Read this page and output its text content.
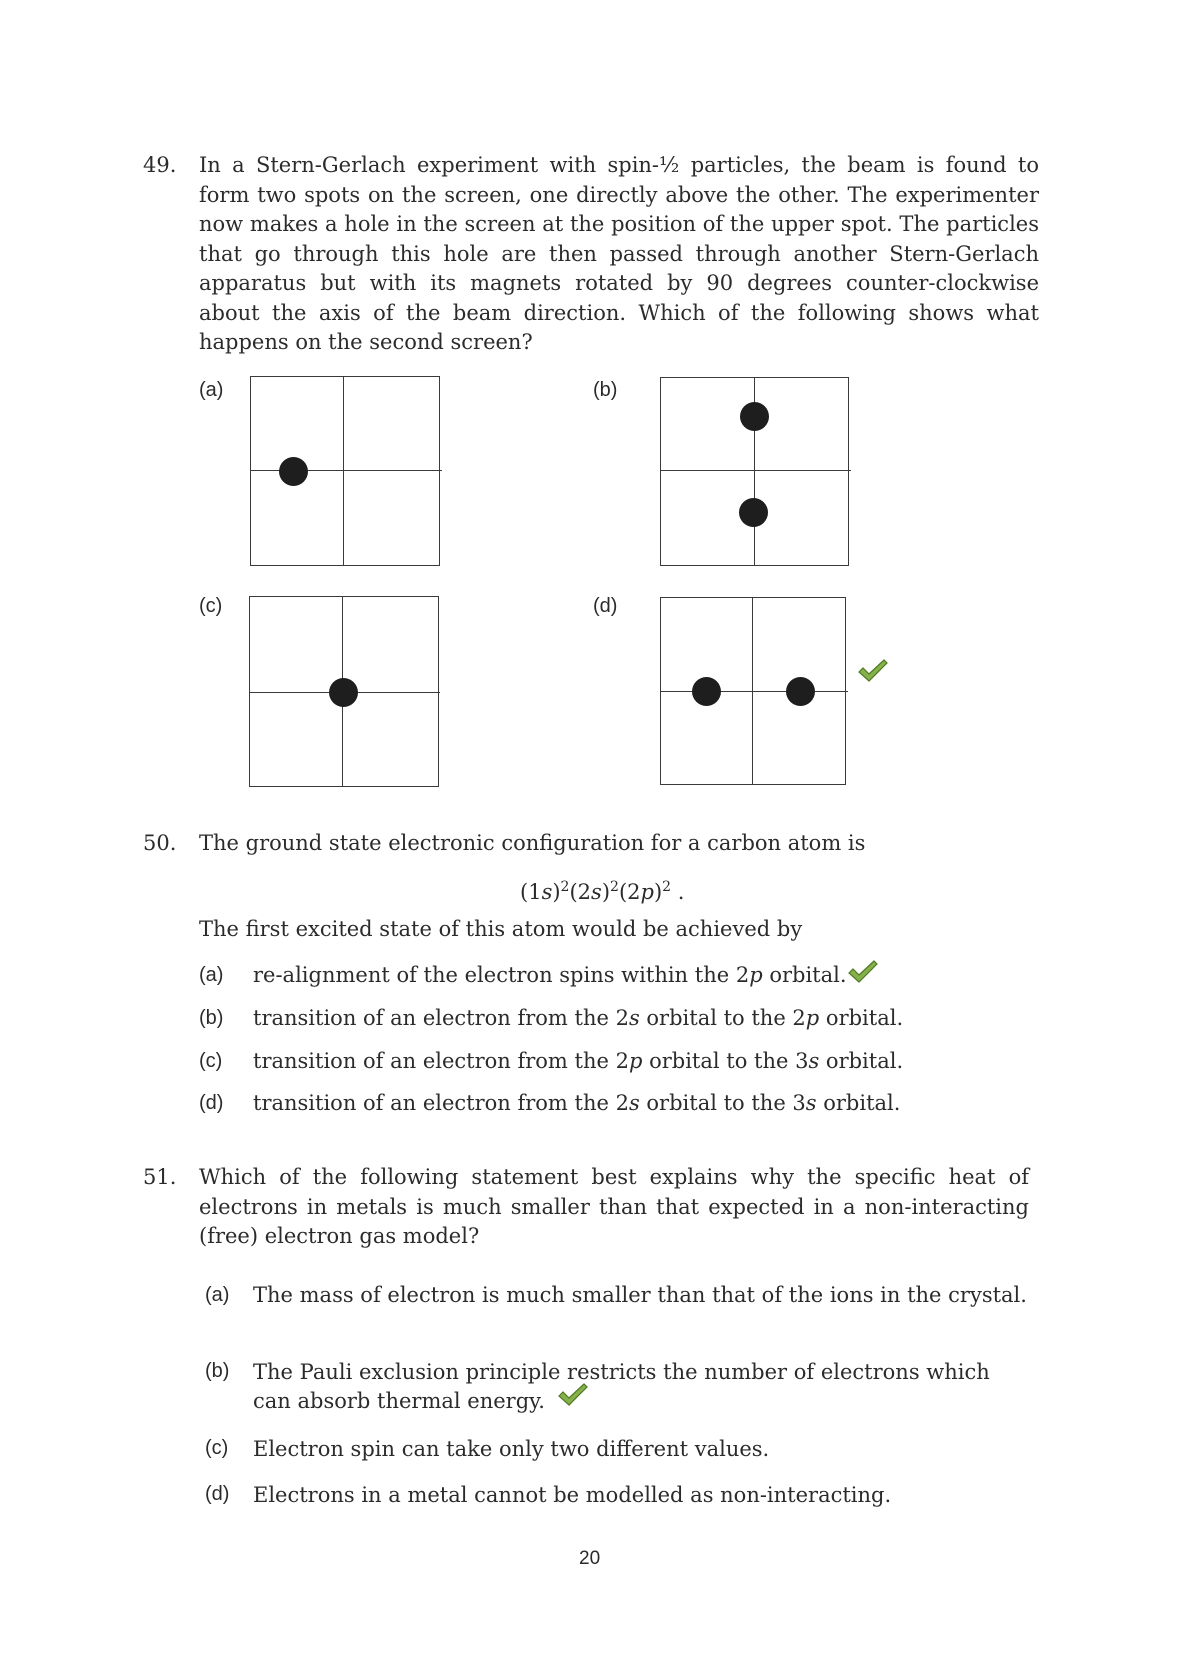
49. In a Stern-Gerlach experiment with spin-½ particles, the beam is found to form two spots on the screen, one directly above the other. The experimenter now makes a hole in the screen at the position of the upper spot. The particles that go through this hole are then passed through another Stern-Gerlach apparatus but with its magnets rotated by 90 degrees counter-clockwise about the axis of the beam direction. Which of the following shows what happens on the second screen?
(a)	(b)
(c)	(d)
50. The ground state electronic configuration for a carbon atom is
$(1s)^2(2s)^2(2p)^2$ .
The first excited state of this atom would be achieved by
(a) re-alignment of the electron spins within the 2p orbital.
(b) transition of an electron from the 2s orbital to the 2p orbital.
(c) transition of an electron from the 2p orbital to the 3s orbital.
(d) transition of an electron from the 2s orbital to the 3s orbital.
51. Which of the following statement best explains why the specific heat of electrons in metals is much smaller than that expected in a non-interacting (free) electron gas model?
(a) The mass of electron is much smaller than that of the ions in the crystal.
(b) The Pauli exclusion principle restricts the number of electrons which
can absorb thermal energy.
(c) Electron spin can take only two different values.
(d) Electrons in a metal cannot be modelled as non-interacting.
20
